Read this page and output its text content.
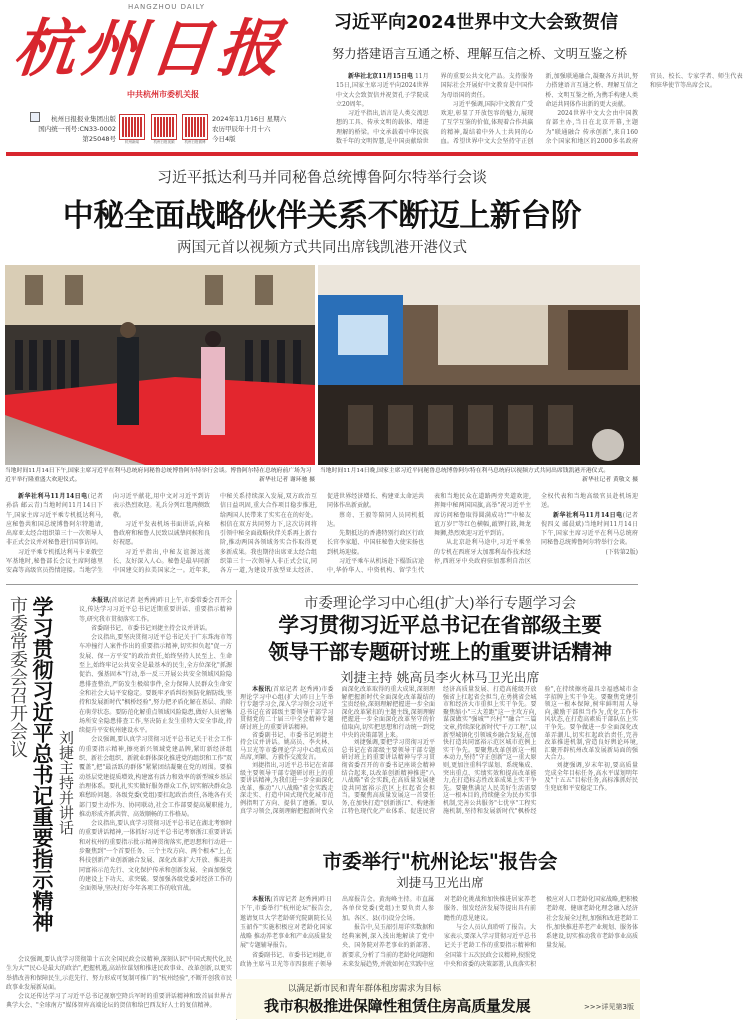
HANGZHOU DAILY
杭州日报
中共杭州市委机关报
杭州日报报业集团出版
国内统一刊号:CN33-0002
第25048号	杭州新闻	杭州日报视频	杭州日报微博
2024年11月16日 星期六
农历甲辰年十月十六
今日4版
习近平向2024世界中文大会致贺信
努力搭建语言互通之桥、理解互信之桥、文明互鉴之桥

新华社北京11月15日电 11月15日,国家主席习近平向2024世界中文大会致贺信并祝贺孔子学院成立20周年。

习近平指出,语言是人类交流思想的工具、传承文明的载体、增进理解的桥梁。中文承载着中华民族数千年的文明智慧,是中国贡献给世界的重要公共文化产品。支持服务国际社会开展好中文教育是中国作为母语国的责任。

习近平强调,国际中文教育广受欢迎,彰显了开放包容的魅力,展现了互学互鉴的价值,体现着合作共赢的精神,凝结着中外人士共同的心血。希望世界中文大会坚持守正创新,加强联通融合,凝聚各方共识,努力搭建语言互通之桥、理解互信之桥、文明互鉴之桥,为携手构建人类命运共同体作出新的更大贡献。

2024世界中文大会由中国教育部主办,当日在北京开幕,主题为"联通融合 传承创新",来自160余个国家和地区的2000多名政府官员、校长、专家学者、师生代表和驻华使节等出席会议。

习近平抵达利马并同秘鲁总统博鲁阿尔特举行会谈
中秘全面战略伙伴关系不断迈上新台阶
两国元首以视频方式共同出席钱凯港开港仪式
当地时间11月14日下午,国家主席习近平在利马总统府同秘鲁总统博鲁阿尔特举行会谈。博鲁阿尔特在总统府前广场为习近平举行隆重盛大欢迎仪式。	新华社记者 谢环驰 摄
当地时间11月14日晚,国家主席习近平同秘鲁总统博鲁阿尔特在利马总统府以视频方式共同出席钱凯港开港仪式。
新华社记者 黄敬文 摄

新华社利马11月14日电(记者 孙浩 邮云青)当地时间11月14日下午,国家主席习近平乘专机抵达利马,应秘鲁共和国总统博鲁阿尔特邀请,出席亚太经合组织第三十一次领导人非正式会议并对秘鲁进行国事访问。

习近平乘专机抵达利马卡亚俄空军基地时,秘鲁部长会议主席阿德里安森等高级官员热情迎接。当地学生向习近平献花,用中文对习近平到访表示热烈欢迎。礼兵分列红毯两侧致敬。

习近平发表机场书面讲话,向秘鲁政府和秘鲁人民致以诚挚问候和良好祝愿。

习近平指出,中秘友谊源远流长、友好深入人心。秘鲁是最早同新中国建交的拉美国家之一。近年来,中秘关系持续深入发展,双方政治互信日益巩固,重大合作项目稳步推进,给两国人民带来了实实在在的好处。相信在双方共同努力下,这次访问将引领中秘全面战略伙伴关系再上新台阶,推动两国各领域务实合作取得更多新成果。我也期待出席亚太经合组织第三十一次领导人非正式会议,同各方一道,为建设开放型亚太经济、促进世界经济增长、构建亚太命运共同体作出新贡献。

蔡奇、王毅等陪同人员同机抵达。

先期抵达的香港特别行政区行政长官李家超、中国驻秘鲁大使宋扬也到机场迎接。

习近平乘车从机场赴下榻饭店途中,华侨华人、中资机构、留学生代表和当地民众在道路两旁夹道欢迎,挥舞中秘两国国旗,高举"祝习近平主席访问秘鲁取得圆满成功!""中秘友谊万岁!"等红色横幅,敲锣打鼓,舞龙舞狮,热烈欢迎习近平到访。

从北京赴利马途中,习近平乘坐的专机在西班牙大加那利岛作技术经停,西班牙中央政府驻加那利自治区全权代表和当地高级官员赴机场迎送。

新华社利马11月14日电(记者 倪四义 邮晨斌)当地时间11月14日下午,国家主席习近平在利马总统府同秘鲁总统博鲁阿尔特举行会谈。

(下转第2版)

市委常委会召开会议 学习贯彻习近平总书记重要指示精神 刘捷主持并讲话

本报讯(首席记者 赵秀洲)昨日上午,市委常委会召开会议,传达学习习近平总书记近期重要讲话、重要指示精神等,研究我市贯彻落实工作。

省委副书记、市委书记刘捷主持会议并讲话。

会议指出,要坚决贯彻习近平总书记关于广东珠海市驾车冲撞行人案件作出的重要指示精神,切实担负起"促一方发展、保一方平安"的政治责任,始终坚持人民至上、生命至上,始终牢记公共安全是最基本的民生,全方位深化"抓源促治、强基固本"行动,举一反三开展公共安全领域风险隐患排查整治,严防发生极端事件,全力保障人民群众生命安全和社会大局平安稳定。要既牢矛盾纠纷预防化解防线,坚持和发展新时代"枫桥经验",努力把矛盾化解在基层、消除在萌芽状态。要防范化解重点领域风险隐患,做好人员密集场所安全隐患排查工作,坚决防止发生重特大安全事故,持续提升平安杭州建设水平。

会议强调,要认真学习贯彻习近平总书记关于社会工作的重要指示精神,擦亮新兴领域党建品牌,紧盯新经济组织、新社会组织、新就业群体深化推进党的组织和工作"双覆盖",把"最活跃的群体"紧紧团结凝聚在党的周围。要推动基层党建提质增效,构建富有活力和效率的新型城乡基层治理体系。要扎扎实实做好服务群众工作,切实解决群众急难愁盼问题。各级党委(党组)要扛起政治责任,各地各有关部门要主动作为、协同联动,社会工作部要提高履职能力,推动形成齐抓共管、高效顺畅的工作格局。

会议指出,要认真学习贯彻习近平总书记在湖北考察时的重要讲话精神,一体抓好习近平总书记考察浙江重要讲话和对杭州的重要指示批示精神贯彻落实,把思想和行动进一步聚焦到"一个首要任务、三个主攻方向、两个根本"上,在科技创新产业创新融合发展、深化改革扩大开放、推进共同富裕示范先行、文化保护传承和创新发展、全面加强党的建设上下功夫、求突破。要加强各级党委对经济工作的全面领导,坚决打好今年各项工作的收官战。

会议强调,要认真学习贯彻第十五次全国民政会议精神,深刻认识"中国式现代化,民生为大""民心是最大的政治",把握机遇,高站位谋划和推进民政事业、改革创新,以更实举措改善和保障民生,示范先行、努力形成可复制可推广的"杭州经验",不断开创我市民政事业发展新局面。

会议还传达学习了习近平总书记视察空降兵军时的重要讲话精神和致首届世界古典学大会、"全球南方"媒体智库高端论坛的贺信和给巴西友好人士的复信精神。

市委理论学习中心组(扩大)举行专题学习会
学习贯彻习近平总书记在省部级主要
领导干部专题研讨班上的重要讲话精神
刘捷主持 姚高员李火林马卫光出席

本报讯(首席记者 赵秀洲)市委理论学习中心组(扩大)昨日上午举行专题学习会,深入学习领会习近平总书记在省部级主要领导干部学习贯彻党的二十届三中全会精神专题研讨班上的重要讲话精神。

省委副书记、市委书记刘捷主持会议并讲话。姚高员、李火林、马卫光等市委理论学习中心组成员出席,刘颖、方毅作交流发言。

刘捷指出,习近平总书记在省部级主要领导干部专题研讨班上的重要讲话精神,为我们进一步全面深化改革、推动"八八战略"省会实践走深走实、打造中国式现代化城市范例指明了方向、提供了遵循。要认真学习领会,深刻理解把握新时代全面深化改革取得的重大成果,深刻理解把握新时代全面深化改革凝结的宝贵经验,深刻理解把握进一步全面深化改革紧扣的主题主线,深刻理解把握进一步全面深化改革坚守的价值取向,切实把思想和行动统一到党中央的决策部署上来。

刘捷强调,要把学习贯彻习近平总书记在省部级主要领导干部专题研讨班上的重要讲话精神与学习贯彻省委召开的市委书记座谈会精神结合起来,以改革创新精神推进"八八战略"省会实践,在高质量发展建设共同富裕示范区上扛起省会担当。要聚焦高质量发展这一首要任务,在加快打造"创新浙江"、构建浙江特色现代化产业体系、促进民营经济高质量发展、打造高能级开放强省上扛起省会担当,在勇挑省会城市和经济大市重担上实干争先。要聚焦缩小"三大差距"这一主攻方向,谋深做实"强城""兴村""融合"三篇文章,持续深化新时代"千万工程",以新型城镇化引领城乡融合发展,在加快打造共同富裕示范区城市范例上实干争先。要聚焦改革创新这一根本动力,坚持"守正创新"这一重大原则,更加注重科学谋划、系统集成、突出重点、实绩实效和提高改革能力,在打造标志性改革成果上实干争先。要聚焦满足人民美好生活需要这一根本目的,持续健全为民办实事机制,完善公共服务"七优享"工程实施机制,坚持和发展新时代"枫桥经验",在持续擦亮最具幸福感城市金字招牌上实干争先。要聚焦党建引领这一根本保障,树牢鲜明用人导向,激励干部担当作为,优化工作作风状态,在打造高素质干部队伍上实干争先。要争做进一步全面深化改革弄潮儿,切实扛起政治责任,完善改革推进机制,营造良好舆论环境,汇聚开辟杭州改革发展新局面的强大合力。

刘捷强调,岁末年初,要高质量完成全年目标任务,高水平谋划明年及"十五五"目标任务,高标准抓好民生兜底和平安稳定工作。

市委举行"杭州论坛"报告会
刘捷马卫光出席

本报讯(首席记者 赵秀洲)昨日下午,市委举行"杭州论坛"报告会,邀请复旦大学老龄研究院副院长吴玉韶作"实施积极应对老龄化国家战略 推动养老事业和产业高质量发展"专题辅导报告。

省委副书记、市委书记刘捷,市政协主席马卫光等市四套班子领导出席报告会。黄海峰主持。市直属各单位党委(党组)主要负责人参加。各区、县(市)设分会场。

报告中,吴玉韶引用详实数据和经典案例,深入浅出地解读了党中央、国务院对养老事业的新部署、新要求,分析了当前的老龄化问题和未来发展趋势,并就如何在实践中应对老龄化挑战和加快推进居家养老服务、银发经济发展等提出具有前瞻性的意见建议。

与会人员认真聆听了报告。大家表示,要深入学习贯彻习近平总书记关于老龄工作的重要指示精神和全国第十五次民政会议精神,按照党中央和省委的决策部署,认真落实积极应对人口老龄化国家战略,把积极老龄观、健康老龄化理念融入经济社会发展全过程,加强和改进老龄工作,加快推进养老产业规划、服务体系建设,切实推动我市老龄事业高质量发展。

以满足新市民和青年群体租房需求为目标
我市积极推进保障性租赁住房高质量发展	>>>详见第3版
